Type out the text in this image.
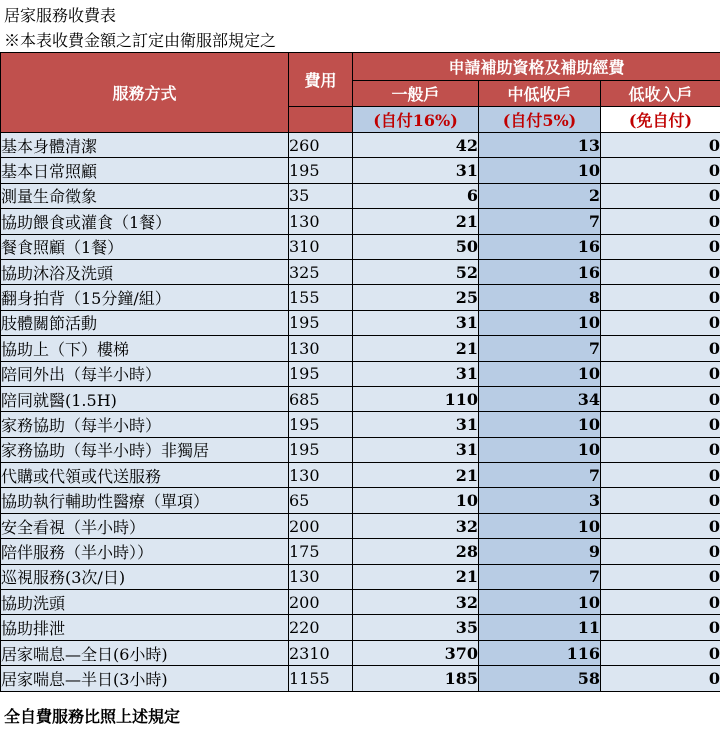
居家服務收費表
※本表收費金額之訂定由衛服部規定之
服務方式	費用	申請補助資格及補助經費		
		一般戶	中低收戶	低收入戶
		(自付16%)	(自付5%)	(免自付)
基本身體清潔	260	42	13	0
基本日常照顧	195	31	10	0
測量生命徵象	35	6	2	0
協助餵食或灌食（1餐）	130	21	7	0
餐食照顧（1餐）	310	50	16	0
協助沐浴及洗頭	325	52	16	0
翻身拍背（15分鐘/組）	155	25	8	0
肢體關節活動	195	31	10	0
協助上（下）樓梯	130	21	7	0
陪同外出（每半小時）	195	31	10	0
陪同就醫(1.5H)	685	110	34	0
家務協助（每半小時）	195	31	10	0
家務協助（每半小時）非獨居	195	31	10	0
代購或代領或代送服務	130	21	7	0
協助執行輔助性醫療（單項）	65	10	3	0
安全看視（半小時）	200	32	10	0
陪伴服務（半小時））	175	28	9	0
巡視服務(3次/日)	130	21	7	0
協助洗頭	200	32	10	0
協助排泄	220	35	11	0
居家喘息—全日(6小時)	2310	370	116	0
居家喘息—半日(3小時)	1155	185	58	0
全自費服務比照上述規定
